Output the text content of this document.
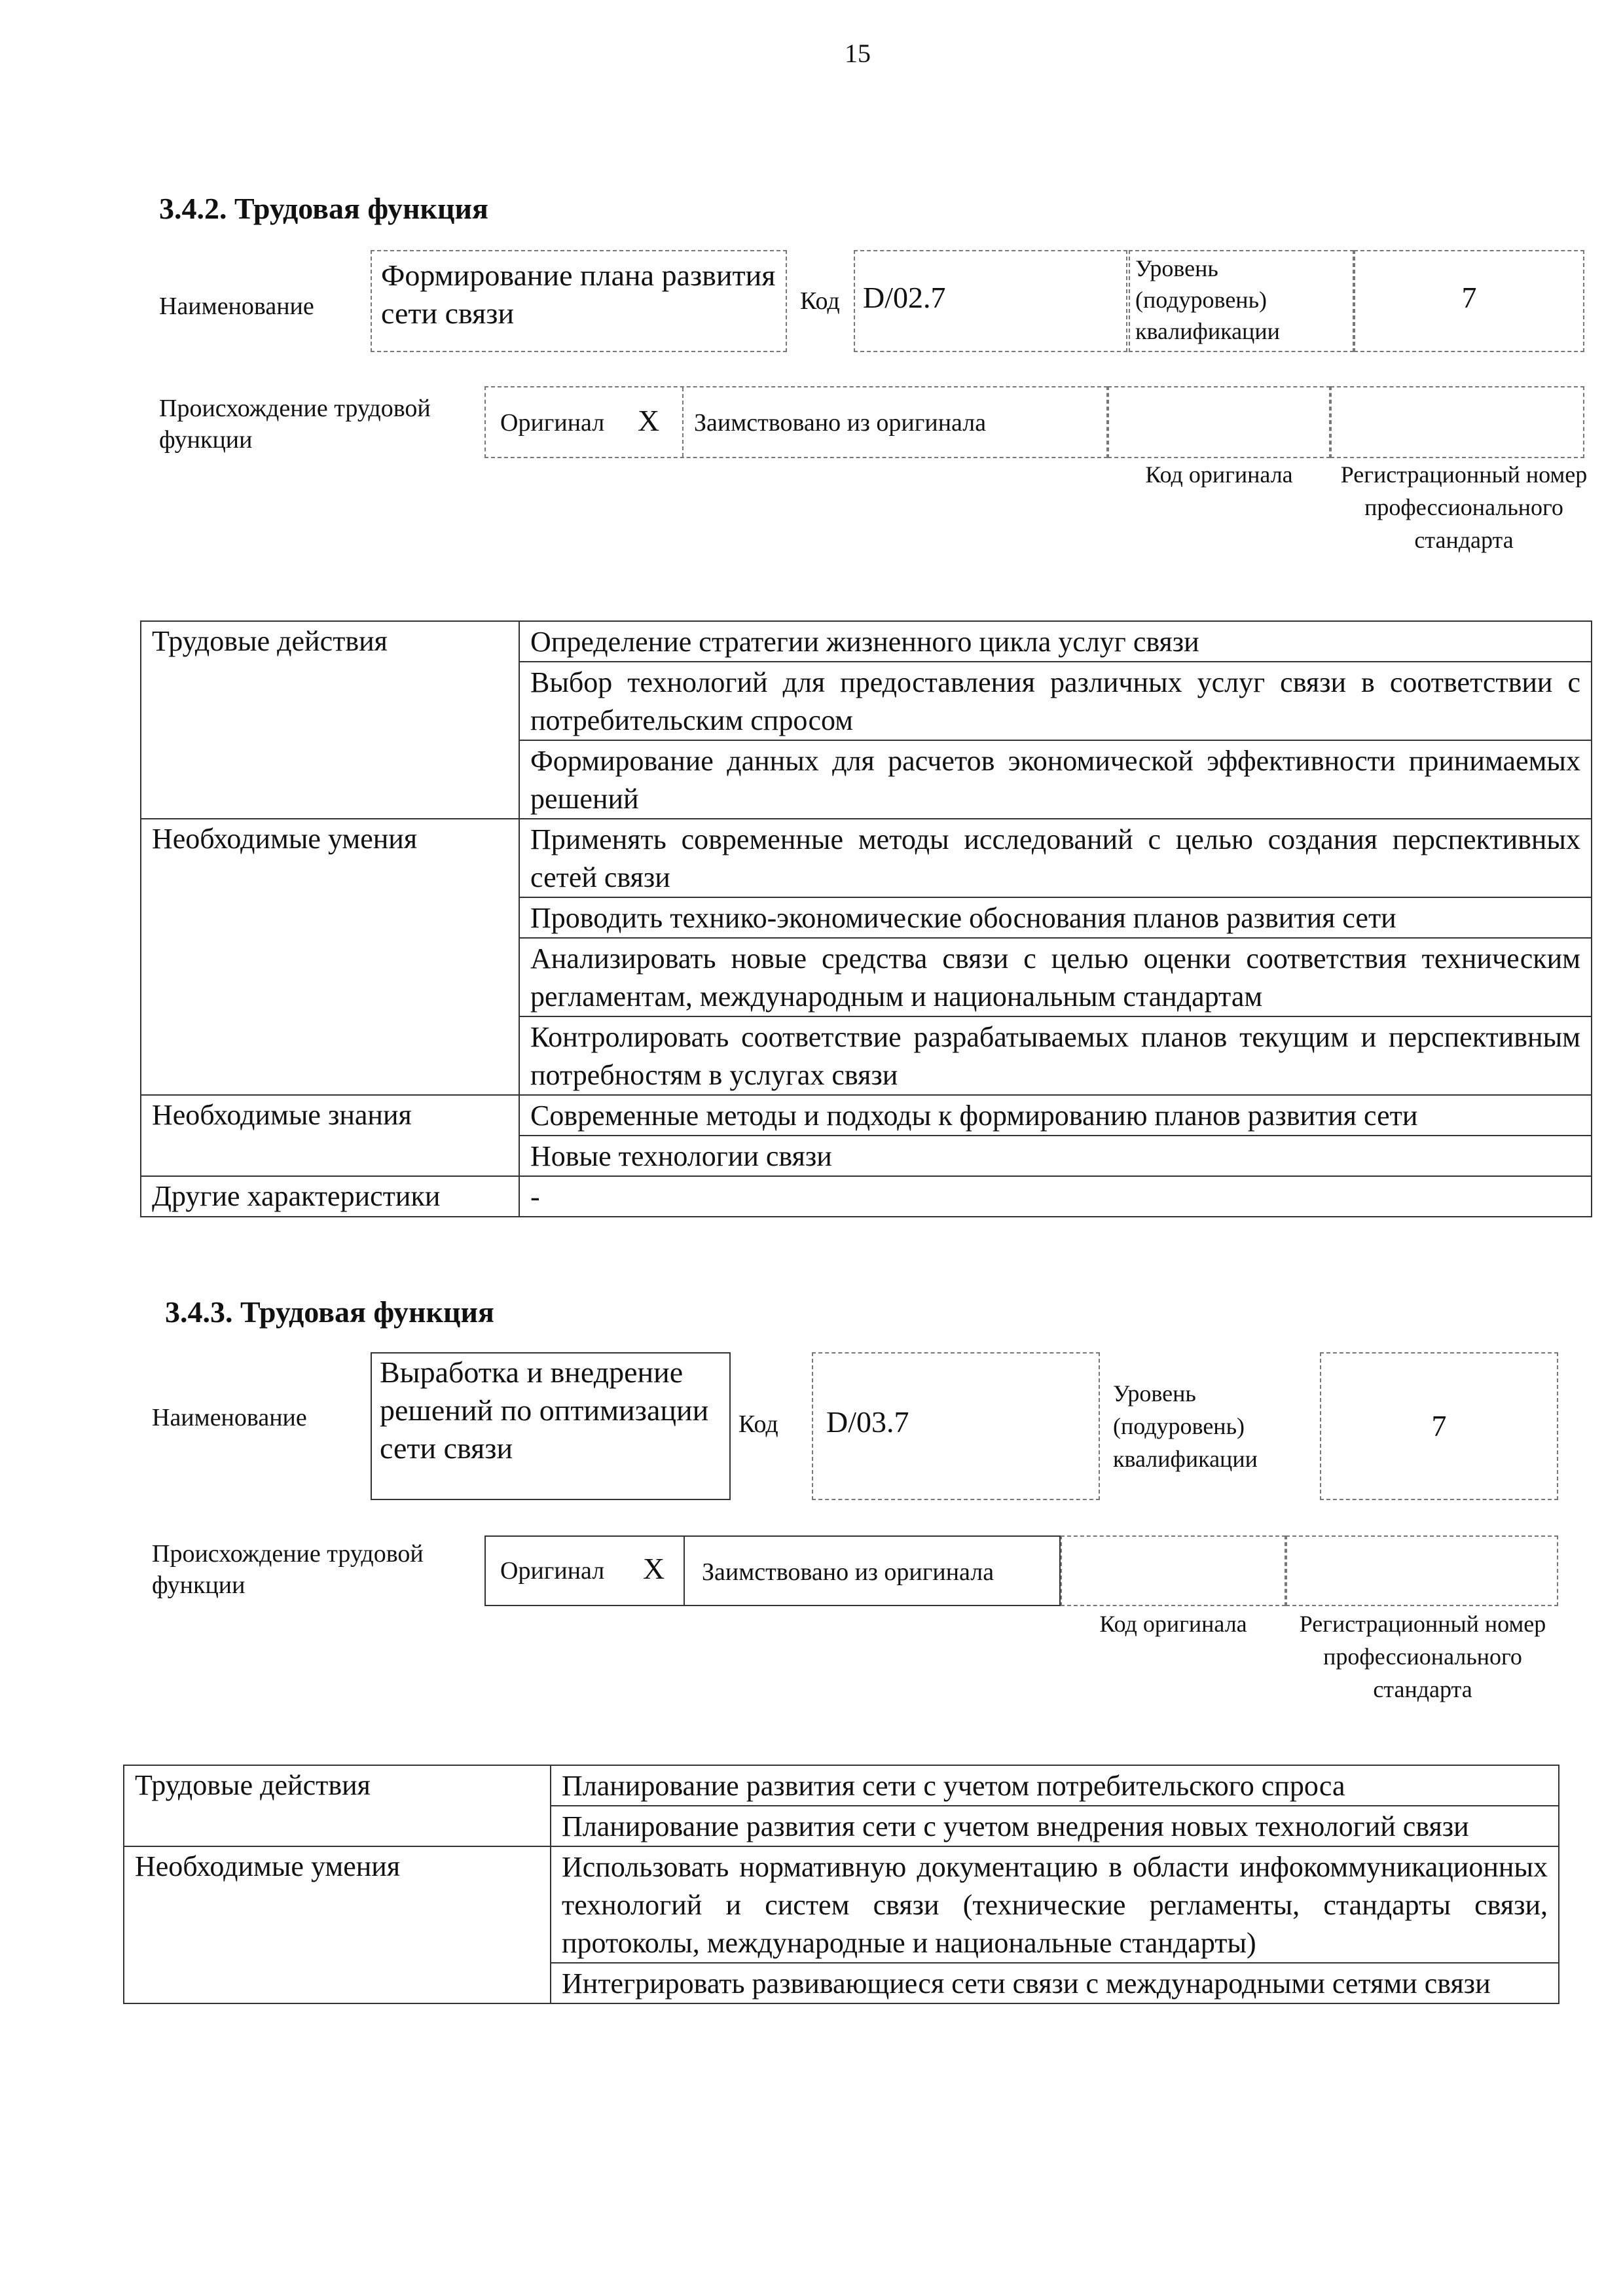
15
3.4.2. Трудовая функция
Наименование
Формирование плана развития сети связи	Код D/02.7
Уровень (подуровень) квалификации
7
Происхождение трудовой функции
Оригинал X Заимствовано из оригинала
Код оригинала	Регистрационный номер профессионального стандарта
Трудовые действия	Определение стратегии жизненного цикла услуг связи
	Выбор технологий для предоставления различных услуг связи в соответствии с потребительским спросом
	Формирование данных для расчетов экономической эффективности принимаемых решений
Необходимые умения	Применять современные методы исследований с целью создания перспективных сетей связи
	Проводить технико-экономические обоснования планов развития сети
	Анализировать новые средства связи с целью оценки соответствия техническим регламентам, международным и национальным стандартам
	Контролировать соответствие разрабатываемых планов текущим и перспективным потребностям в услугах связи
Необходимые знания	Современные методы и подходы к формированию планов развития сети
	Новые технологии связи
Другие характеристики	-
3.4.3. Трудовая функция
Наименование
Выработка и внедрение решений по оптимизации сети связи
Код	D/03.7
Уровень (подуровень) квалификации
7
Происхождение трудовой функции
Оригинал X Заимствовано из оригинала
Код оригинала	Регистрационный номер профессионального стандарта
Трудовые действия	Планирование развития сети с учетом потребительского спроса
	Планирование развития сети с учетом внедрения новых технологий связи
Необходимые умения	Использовать нормативную документацию в области инфокоммуникационных технологий и систем связи (технические регламенты, стандарты связи, протоколы, международные и национальные стандарты)
	Интегрировать развивающиеся сети связи с международными сетями связи
